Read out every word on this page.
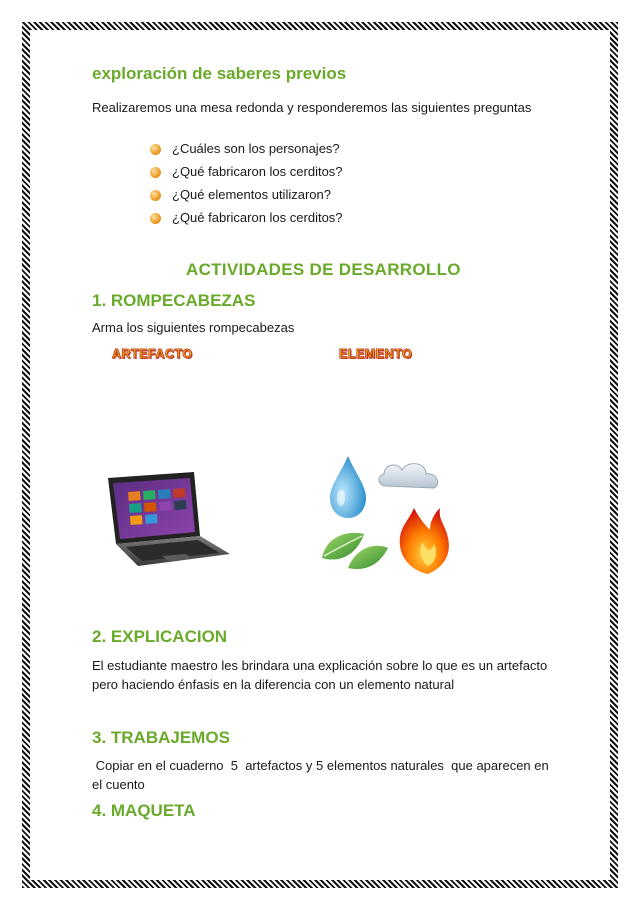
exploración de saberes previos
Realizaremos una mesa redonda y responderemos las siguientes preguntas
¿Cuáles son los personajes?
¿Qué fabricaron los cerditos?
¿Qué elementos utilizaron?
¿Qué fabricaron los cerditos?
ACTIVIDADES DE DESARROLLO
1. ROMPECABEZAS
Arma los siguientes rompecabezas
ARTEFACTO	ELEMENTO
2. EXPLICACION
El estudiante maestro les brindara una explicación sobre lo que es un artefacto
pero haciendo énfasis en la diferencia con un elemento natural
3. TRABAJEMOS
Copiar en el cuaderno  5  artefactos y 5 elementos naturales  que aparecen en
el cuento
4. MAQUETA
